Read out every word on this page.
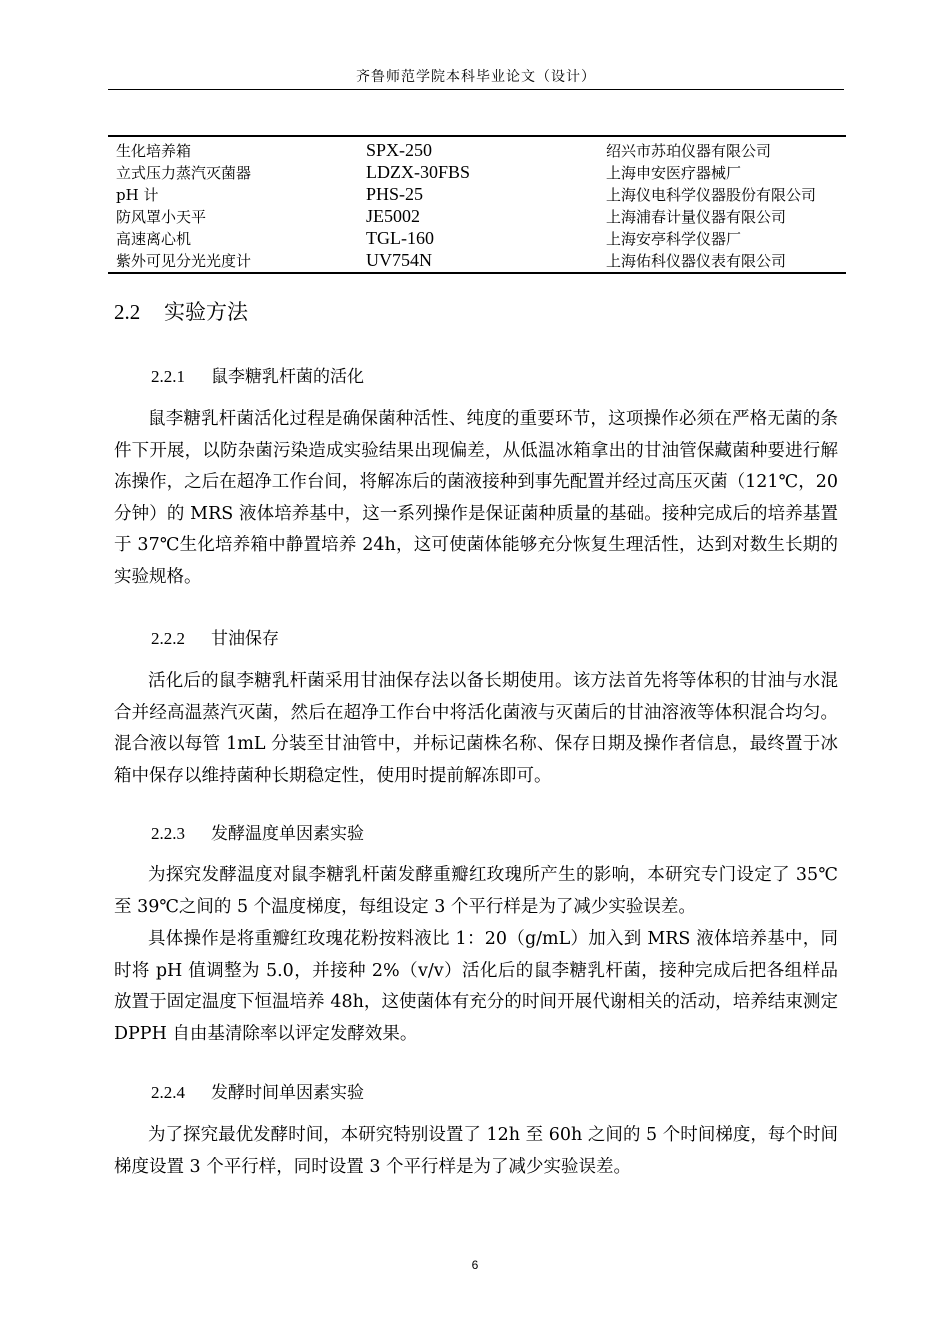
齐鲁师范学院本科毕业论文（设计）
生化培养箱	SPX-250	绍兴市苏珀仪器有限公司
立式压力蒸汽灭菌器	LDZX-30FBS	上海申安医疗器械厂
pH 计	PHS-25	上海仪电科学仪器股份有限公司
防风罩小天平	JE5002	上海浦春计量仪器有限公司
高速离心机	TGL-160	上海安亭科学仪器厂
紫外可见分光光度计	UV754N	上海佑科仪器仪表有限公司
2.2 实验方法
2.2.1 鼠李糖乳杆菌的活化

鼠李糖乳杆菌活化过程是确保菌种活性、纯度的重要环节，这项操作必须在严格无菌的条件下开展，以防杂菌污染造成实验结果出现偏差，从低温冰箱拿出的甘油管保藏菌种要进行解冻操作，之后在超净工作台间，将解冻后的菌液接种到事先配置并经过高压灭菌（121℃，20 分钟）的 MRS 液体培养基中，这一系列操作是保证菌种质量的基础。接种完成后的培养基置于 37℃生化培养箱中静置培养 24h，这可使菌体能够充分恢复生理活性，达到对数生长期的实验规格。

2.2.2 甘油保存

活化后的鼠李糖乳杆菌采用甘油保存法以备长期使用。该方法首先将等体积的甘油与水混合并经高温蒸汽灭菌，然后在超净工作台中将活化菌液与灭菌后的甘油溶液等体积混合均匀。混合液以每管 1mL 分装至甘油管中，并标记菌株名称、保存日期及操作者信息，最终置于冰箱中保存以维持菌种长期稳定性，使用时提前解冻即可。

2.2.3 发酵温度单因素实验

为探究发酵温度对鼠李糖乳杆菌发酵重瓣红玫瑰所产生的影响，本研究专门设定了 35℃至 39℃之间的 5 个温度梯度，每组设定 3 个平行样是为了减少实验误差。

具体操作是将重瓣红玫瑰花粉按料液比 1：20（g/mL）加入到 MRS 液体培养基中，同时将 pH 值调整为 5.0，并接种 2%（v/v）活化后的鼠李糖乳杆菌，接种完成后把各组样品放置于固定温度下恒温培养 48h，这使菌体有充分的时间开展代谢相关的活动，培养结束测定 DPPH 自由基清除率以评定发酵效果。

2.2.4 发酵时间单因素实验

为了探究最优发酵时间，本研究特别设置了 12h 至 60h 之间的 5 个时间梯度，每个时间梯度设置 3 个平行样，同时设置 3 个平行样是为了减少实验误差。

6
